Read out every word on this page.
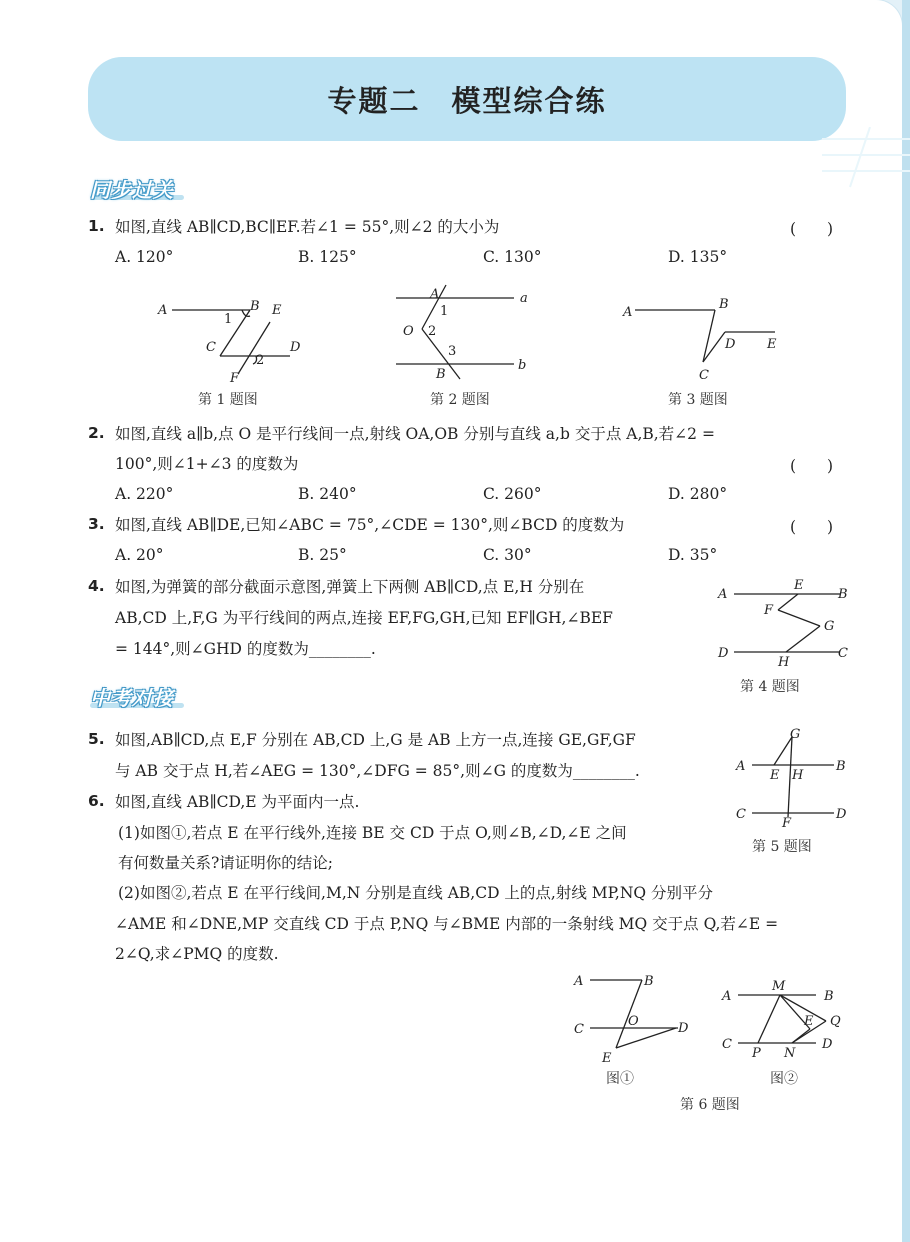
专题二　模型综合练
同步过关
1. 如图,直线 AB∥CD,BC∥EF.若∠1 = 55°,则∠2 的大小为	(　　)
A. 120°	B. 125°	C. 130°	D. 135°
A	B E
1
C	D
2
F
第 1 题图
A	a
1
O 2
3
B
b
第 2 题图
A
B
D E
C
第 3 题图
2. 如图,直线 a∥b,点 O 是平行线间一点,射线 OA,OB 分别与直线 a,b 交于点 A,B,若∠2 =
100°,则∠1+∠3 的度数为	(　　)
A. 220°	B. 240°	C. 260°	D. 280°
3. 如图,直线 AB∥DE,已知∠ABC = 75°,∠CDE = 130°,则∠BCD 的度数为	(　　)
A. 20°	B. 25°	C. 30°	D. 35°
4. 如图,为弹簧的部分截面示意图,弹簧上下两侧 AB∥CD,点 E,H 分别在
AB,CD 上,F,G 为平行线间的两点,连接 EF,FG,GH,已知 EF∥GH,∠BEF
= 144°,则∠GHD 的度数为________.
A
E
B
F
G
D
H
C
第 4 题图
中考对接
5. 如图,AB∥CD,点 E,F 分别在 AB,CD 上,G 是 AB 上方一点,连接 GE,GF,GF
与 AB 交于点 H,若∠AEG = 130°,∠DFG = 85°,则∠G 的度数为________.
G
A
E H
B
C
F
D
第 5 题图
6. 如图,直线 AB∥CD,E 为平面内一点.
(1)如图①,若点 E 在平行线外,连接 BE 交 CD 于点 O,则∠B,∠D,∠E 之间
有何数量关系?请证明你的结论;
(2)如图②,若点 E 在平行线间,M,N 分别是直线 AB,CD 上的点,射线 MP,NQ 分别平分
∠AME 和∠DNE,MP 交直线 CD 于点 P,NQ 与∠BME 内部的一条射线 MQ 交于点 Q,若∠E =
2∠Q,求∠PMQ 的度数.
A	B
C
O	D
E
图①
A
M
B
E Q
C
P N
D
图②
第 6 题图
